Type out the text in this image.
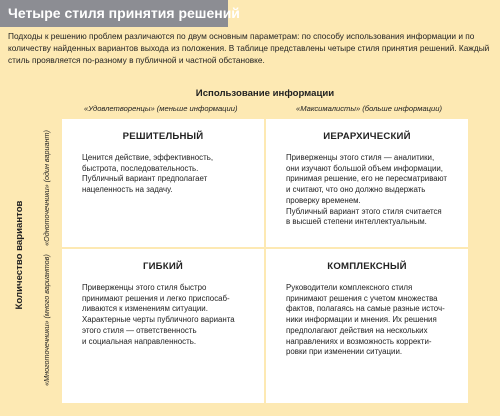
Четыре стиля принятия решений

Подходы к решению проблем различаются по двум основным параметрам: по способу использования информации и по количеству найденных вариантов выхода из положения. В таблице представлены четыре стиля принятия решений. Каждый стиль проявляется по-разному в публичной и частной обстановке.

Использование информации
«Удовлетворенцы» (меньше информации)	«Максималисты» (больше информации)
Количество вариантов
«Одноточечники» (один вариант)
«Многоточечники» (много вариантов)
РЕШИТЕЛЬНЫЙ

Ценится действие, эффективность,
быстрота, последовательность.
Публичный вариант предполагает
нацеленность на задачу.

ИЕРАРХИЧЕСКИЙ

Приверженцы этого стиля — аналитики,
они изучают большой объем информации,
принимая решение, его не пересматривают
и считают, что оно должно выдержать
проверку временем.
Публичный вариант этого стиля считается
в высшей степени интеллектуальным.

ГИБКИЙ

Приверженцы этого стиля быстро
принимают решения и легко приспосаб-
ливаются к изменениям ситуации.
Характерные черты публичного варианта
этого стиля — ответственность
и социальная направленность.

КОМПЛЕКСНЫЙ

Руководители комплексного стиля
принимают решения с учетом множества
фактов, полагаясь на самые разные источ-
ники информации и мнения. Их решения
предполагают действия на нескольких
направлениях и возможность корректи-
ровки при изменении ситуации.
